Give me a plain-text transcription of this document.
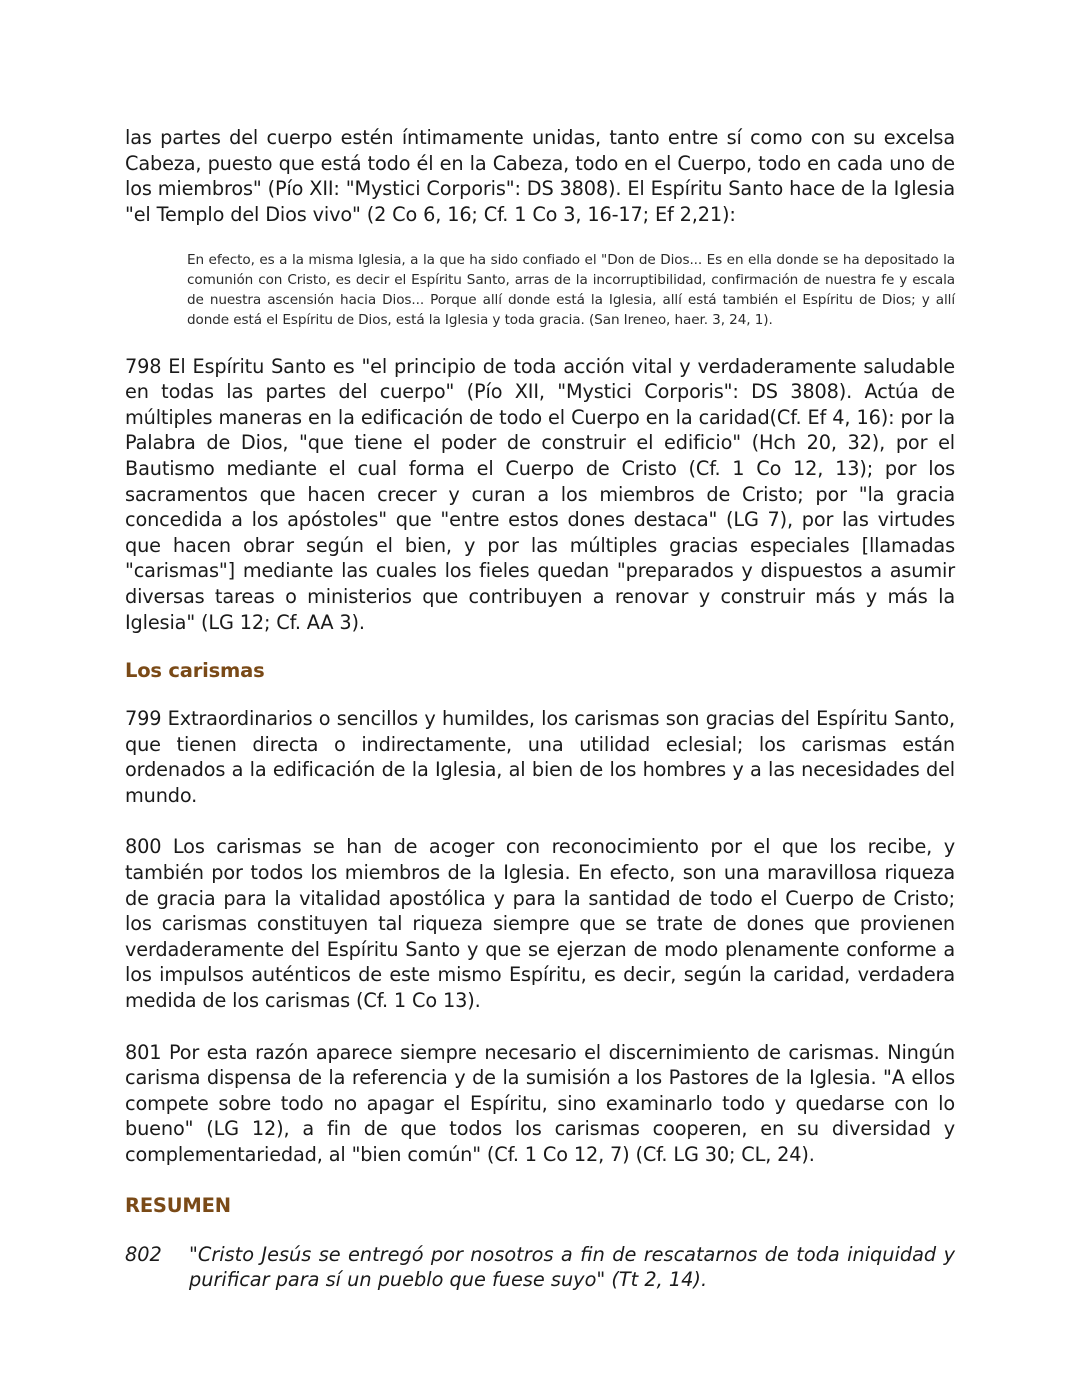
las partes del cuerpo estén íntimamente unidas, tanto entre sí como con su excelsa Cabeza, puesto que está todo él en la Cabeza, todo en el Cuerpo, todo en cada uno de los miembros" (Pío XII: "Mystici Corporis": DS 3808). El Espíritu Santo hace de la Iglesia "el Templo del Dios vivo" (2 Co 6, 16; Cf. 1 Co 3, 16-17; Ef 2,21):

En efecto, es a la misma Iglesia, a la que ha sido confiado el "Don de Dios... Es en ella donde se ha depositado la comunión con Cristo, es decir el Espíritu Santo, arras de la incorruptibilidad, confirmación de nuestra fe y escala de nuestra ascensión hacia Dios... Porque allí donde está la Iglesia, allí está también el Espíritu de Dios; y allí donde está el Espíritu de Dios, está la Iglesia y toda gracia. (San Ireneo, haer. 3, 24, 1).

798 El Espíritu Santo es "el principio de toda acción vital y verdaderamente saludable en todas las partes del cuerpo" (Pío XII, "Mystici Corporis": DS 3808). Actúa de múltiples maneras en la edificación de todo el Cuerpo en la caridad(Cf. Ef 4, 16): por la Palabra de Dios, "que tiene el poder de construir el edificio" (Hch 20, 32), por el Bautismo mediante el cual forma el Cuerpo de Cristo (Cf. 1 Co 12, 13); por los sacramentos que hacen crecer y curan a los miembros de Cristo; por "la gracia concedida a los apóstoles" que "entre estos dones destaca" (LG 7), por las virtudes que hacen obrar según el bien, y por las múltiples gracias especiales [llamadas "carismas"] mediante las cuales los fieles quedan "preparados y dispuestos a asumir diversas tareas o ministerios que contribuyen a renovar y construir más y más la Iglesia" (LG 12; Cf. AA 3).

Los carismas

799 Extraordinarios o sencillos y humildes, los carismas son gracias del Espíritu Santo, que tienen directa o indirectamente, una utilidad eclesial; los carismas están ordenados a la edificación de la Iglesia, al bien de los hombres y a las necesidades del mundo.

800 Los carismas se han de acoger con reconocimiento por el que los recibe, y también por todos los miembros de la Iglesia. En efecto, son una maravillosa riqueza de gracia para la vitalidad apostólica y para la santidad de todo el Cuerpo de Cristo; los carismas constituyen tal riqueza siempre que se trate de dones que provienen verdaderamente del Espíritu Santo y que se ejerzan de modo plenamente conforme a los impulsos auténticos de este mismo Espíritu, es decir, según la caridad, verdadera medida de los carismas (Cf. 1 Co 13).

801 Por esta razón aparece siempre necesario el discernimiento de carismas. Ningún carisma dispensa de la referencia y de la sumisión a los Pastores de la Iglesia. "A ellos compete sobre todo no apagar el Espíritu, sino examinarlo todo y quedarse con lo bueno" (LG 12), a fin de que todos los carismas cooperen, en su diversidad y complementariedad, al "bien común" (Cf. 1 Co 12, 7) (Cf. LG 30; CL, 24).

RESUMEN
802	"Cristo Jesús se entregó por nosotros a fin de rescatarnos de toda iniquidad y purificar para sí un pueblo que fuese suyo" (Tt 2, 14).
